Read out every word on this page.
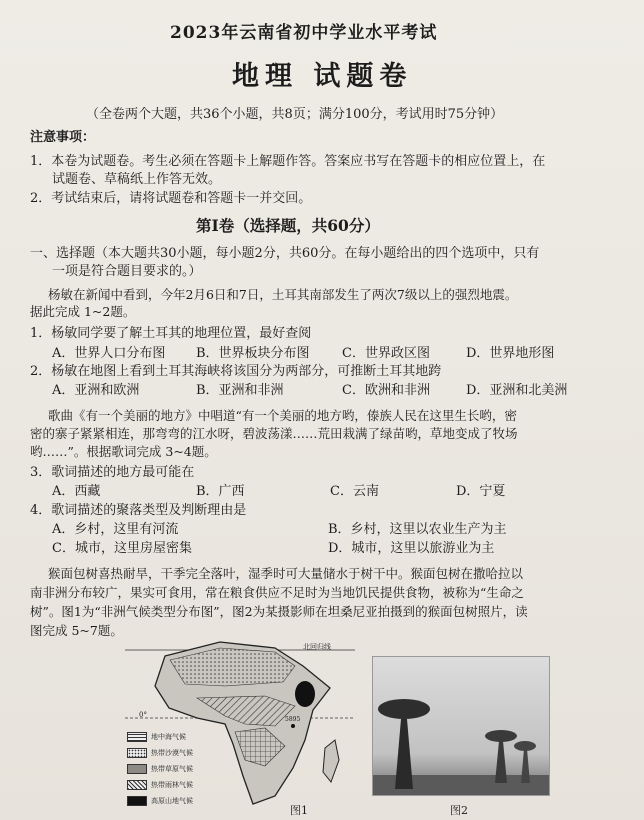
2023年云南省初中学业水平考试
地理 试题卷
（全卷两个大题，共36个小题，共8页；满分100分，考试用时75分钟）
注意事项：
1．本卷为试题卷。考生必须在答题卡上解题作答。答案应书写在答题卡的相应位置上，在
试题卷、草稿纸上作答无效。
2．考试结束后，请将试题卷和答题卡一并交回。
第Ⅰ卷（选择题，共60分）
一、选择题（本大题共30小题，每小题2分，共60分。在每小题给出的四个选项中，只有
一项是符合题目要求的。）
杨敏在新闻中看到，今年2月6日和7日，土耳其南部发生了两次7级以上的强烈地震。
据此完成 1~2题。
1．杨敏同学要了解土耳其的地理位置，最好查阅
A．世界人口分布图 B．世界板块分布图 C．世界政区图	D．世界地形图
2．杨敏在地图上看到土耳其海峡将该国分为两部分，可推断土耳其地跨
A．亚洲和欧洲	B．亚洲和非洲	C．欧洲和非洲	D．亚洲和北美洲
歌曲《有一个美丽的地方》中唱道“有一个美丽的地方哟，傣族人民在这里生长哟，密
密的寨子紧紧相连，那弯弯的江水呀，碧波荡漾……荒田栽满了绿苗哟，草地变成了牧场
哟……”。根据歌词完成 3~4题。
3．歌词描述的地方最可能在
A．西藏	B．广西	C．云南	D．宁夏
4．歌词描述的聚落类型及判断理由是
A．乡村，这里有河流	B．乡村，这里以农业生产为主
C．城市，这里房屋密集	D．城市，这里以旅游业为主
猴面包树喜热耐旱，干季完全落叶，湿季时可大量储水于树干中。猴面包树在撒哈拉以
南非洲分布较广，果实可食用，常在粮食供应不足时为当地饥民提供食物，被称为“生命之
树”。图1为“非洲气候类型分布图”，图2为某摄影师在坦桑尼亚拍摄到的猴面包树照片，读
图完成 5~7题。
北回归线
0°
5895
地中海气候
热带沙漠气候
热带草原气候
热带雨林气候
高原山地气候
图1	图2
